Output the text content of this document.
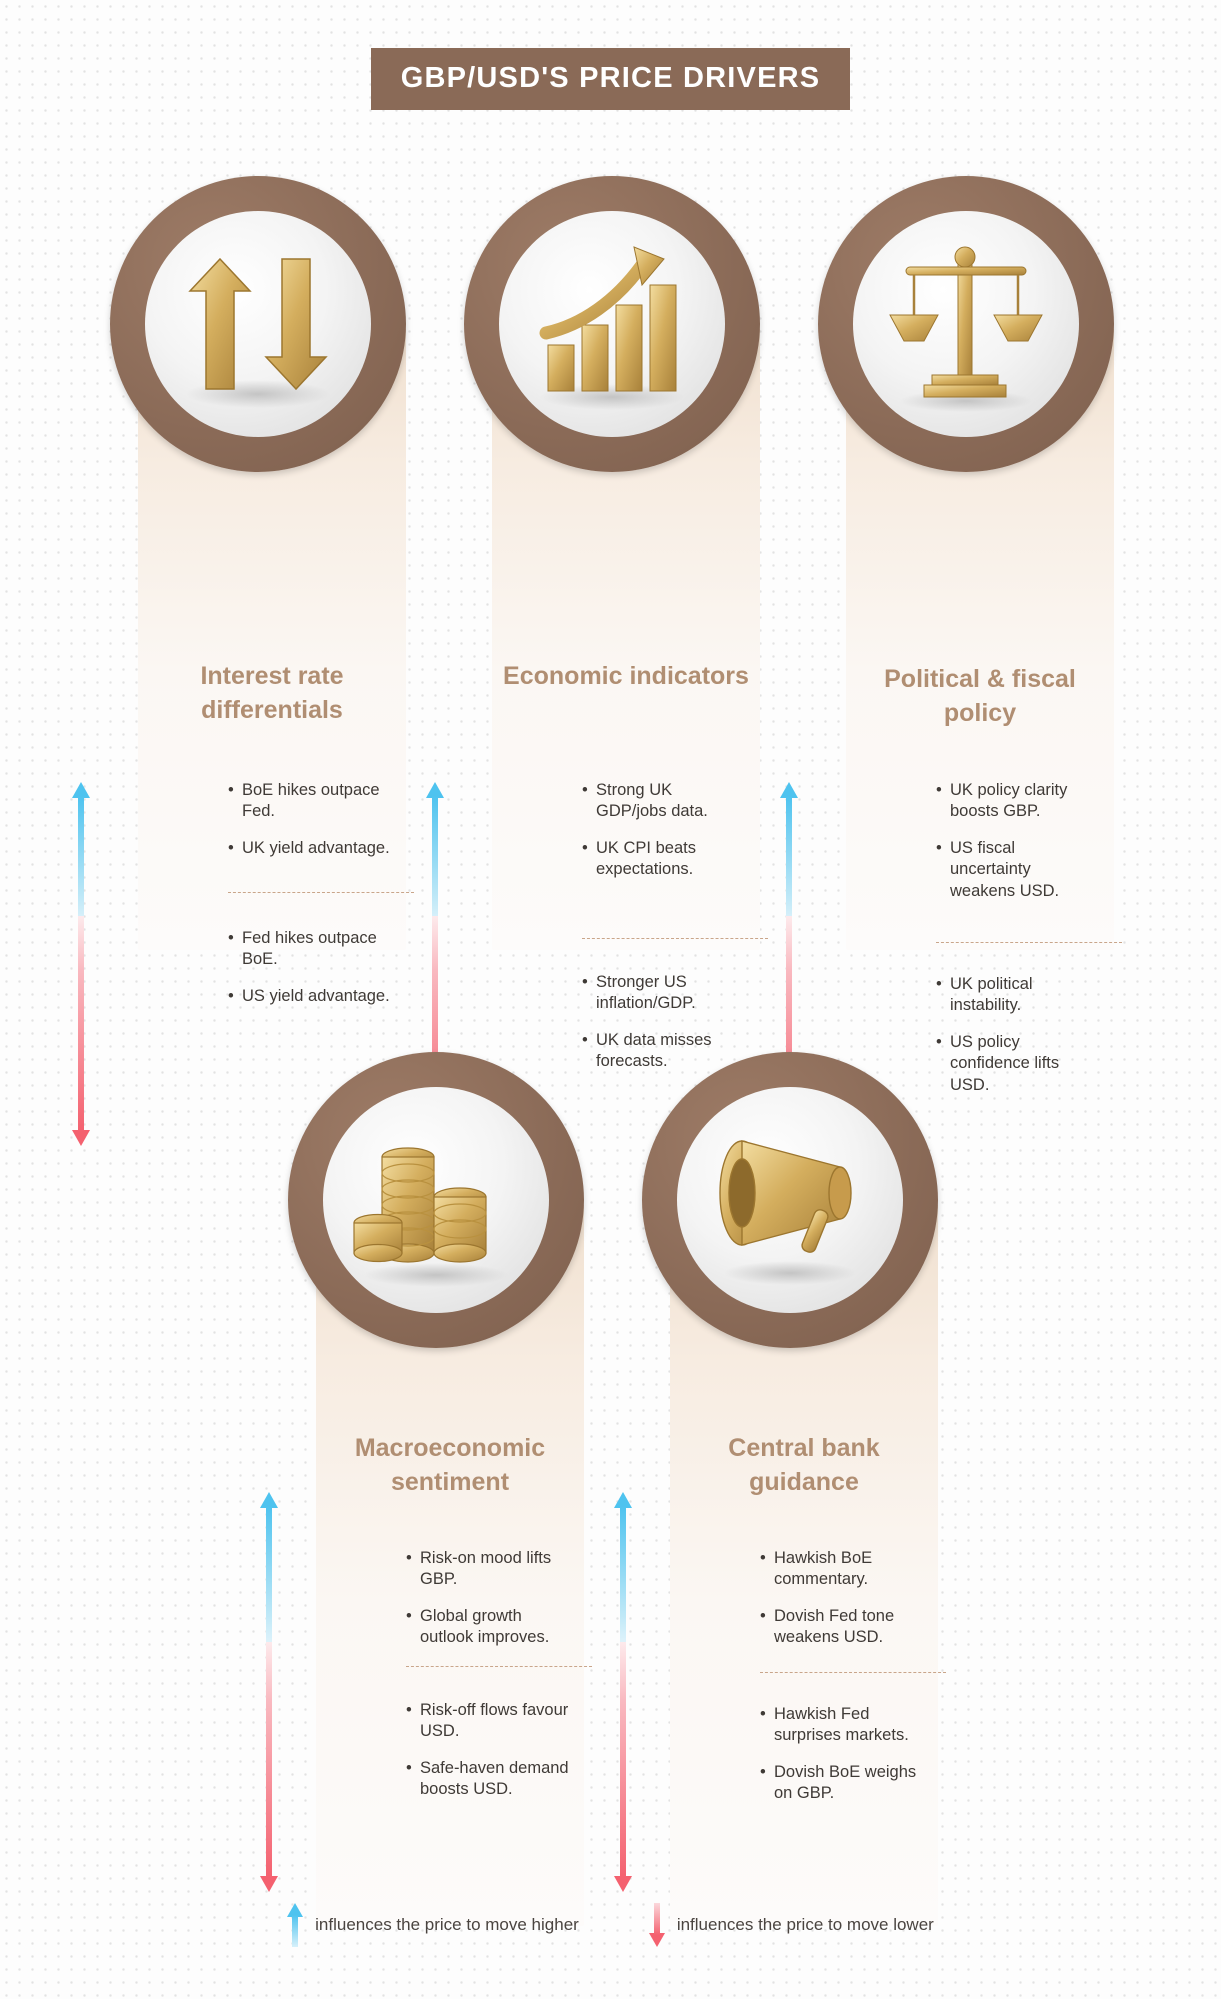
GBP/USD'S PRICE DRIVERS
Interest rate differentials
• BoE hikes outpace Fed.
• UK yield advantage.
• Fed hikes outpace BoE.
• US yield advantage.
Economic indicators
• Strong UK GDP/jobs data.
• UK CPI beats expectations.
• Stronger US inflation/GDP.
• UK data misses forecasts.
Political & fiscal policy
• UK policy clarity boosts GBP.
• US fiscal uncertainty weakens USD.
• UK political instability.
• US policy confidence lifts USD.
Macroeconomic sentiment
• Risk-on mood lifts GBP.
• Global growth outlook improves.
• Risk-off flows favour USD.
• Safe-haven demand boosts USD.
Central bank guidance
• Hawkish BoE commentary.
• Dovish Fed tone weakens USD.
• Hawkish Fed surprises markets.
• Dovish BoE weighs on GBP.
influences the price to move higher	influences the price to move lower
